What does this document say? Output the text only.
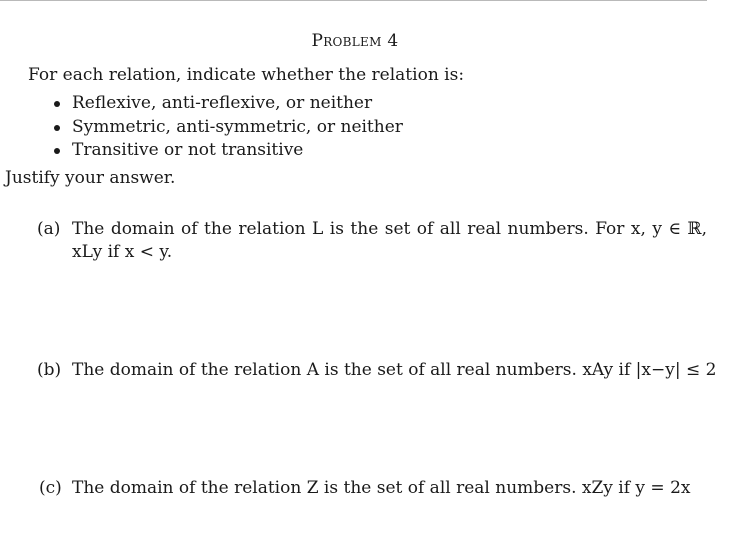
Problem 4
For each relation, indicate whether the relation is:
Reflexive, anti-reflexive, or neither
Symmetric, anti-symmetric, or neither
Transitive or not transitive
Justify your answer.
(a) The domain of the relation L is the set of all real numbers. For x, y ∈ ℝ, xLy if x < y.
(b) The domain of the relation A is the set of all real numbers. xAy if |x−y| ≤ 2
(c) The domain of the relation Z is the set of all real numbers. xZy if y = 2x
